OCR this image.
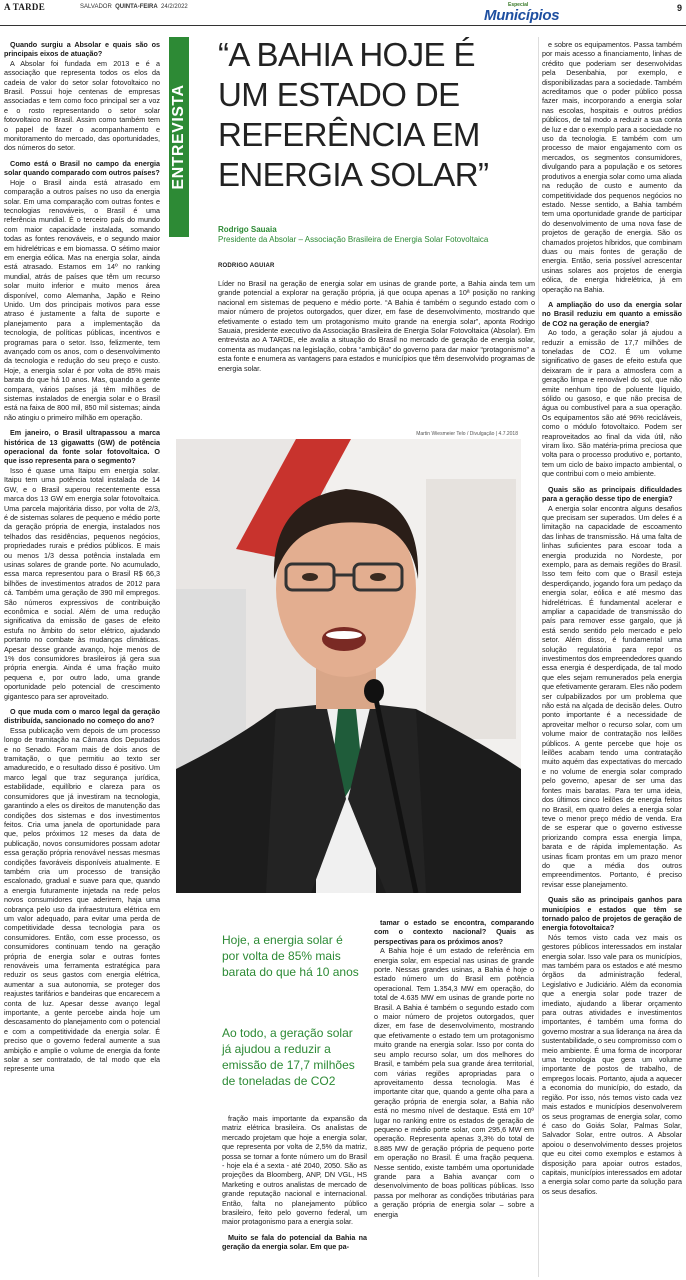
A TARDE	SALVADOR QUINTA-FEIRA 24/2/2022	Especial
Municípios	9

Quando surgiu a Absolar e quais são os principais eixos de atuação?

A Absolar foi fundada em 2013 e é a associação que representa todos os elos da cadeia de valor do setor solar fotovoltaico no Brasil. Possui hoje centenas de empresas associadas e tem como foco principal ser a voz e o rosto representando o setor solar fotovoltaico no Brasil. Assim como também tem o papel de fazer o acompanhamento e monitoramento do mercado, das oportunidades, dos números do setor.

Como está o Brasil no campo da energia solar quando comparado com outros países?

Hoje o Brasil ainda está atrasado em comparação a outros países no uso da energia solar. Em uma comparação com outras fontes e tecnologias renováveis, o Brasil é uma referência mundial. É o terceiro país do mundo com maior capacidade instalada, somando todas as fontes renováveis, e o segundo maior em hidrelétricas e em biomassa. O sétimo maior em energia eólica. Mas na energia solar, ainda está atrasado. Estamos em 14º no ranking mundial, atrás de países que têm um recurso solar muito inferior e muito menos área disponível, como Alemanha, Japão e Reino Unido. Um dos principais motivos para esse atraso é justamente a falta de suporte e planejamento para a implementação da tecnologia, de políticas públicas, incentivos e programas para o setor. Isso, felizmente, tem avançado com os anos, com o desenvolvimento da tecnologia e redução do seu preço e custo. Hoje, a energia solar é por volta de 85% mais barata do que há 10 anos. Mas, quando a gente compara, vários países já têm milhões de sistemas instalados de energia solar e o Brasil está na faixa de 800 mil, 850 mil sistemas; ainda não atingiu o primeiro milhão em operação.

Em janeiro, o Brasil ultrapassou a marca histórica de 13 gigawatts (GW) de potência operacional da fonte solar fotovoltaica. O que isso representa para o segmento?

Isso é quase uma Itaipu em energia solar. Itaipu tem uma potência total instalada de 14 GW, e o Brasil superou recentemente essa marca dos 13 GW em energia solar fotovoltaica. Uma parcela majoritária disso, por volta de 2/3, é de sistemas solares de pequeno e médio porte da geração própria de energia, instalados nos telhados das residências, pequenos negócios, propriedades rurais e prédios públicos. E mais ou menos 1/3 dessa potência instalada em usinas solares de grande porte. No acumulado, essa marca representou para o Brasil R$ 66,3 bilhões de investimentos atrados de 2012 para cá. Também uma geração de 390 mil empregos. São números expressivos de contribuição econômica e social. Além de uma redução significativa da emissão de gases de efeito estufa no âmbito do setor elétrico, ajudando portanto no combate às mudanças climáticas. Apesar desse grande avanço, hoje menos de 1% dos consumidores brasileiros já gera sua própria energia. Ainda é uma fração muito pequena e, por outro lado, uma grande oportunidade pelo potencial de crescimento gigantesco para ser aproveitado.

O que muda com o marco legal da geração distribuída, sancionado no começo do ano?

Essa publicação vem depois de um processo longo de tramitação na Câmara dos Deputados e no Senado. Foram mais de dois anos de tramitação, o que permitiu ao texto ser amadurecido, e o resultado disso é positivo. Um marco legal que traz segurança jurídica, estabilidade, equilíbrio e clareza para os consumidores que já investiram na tecnologia, garantindo a eles os direitos de manutenção das condições dos sistemas e dos investimentos feitos. Cria uma janela de oportunidade para que, pelos próximos 12 meses da data de publicação, novos consumidores possam adotar essa geração própria renovável nessas mesmas condições favoráveis disponíveis atualmente. E também cria um processo de transição escalonado, gradual e suave para que, quando a energia futuramente injetada na rede pelos novos consumidores que aderirem, haja uma cobrança pelo uso da infraestrutura elétrica em um valor adequado, para evitar uma perda de competitividade dessa tecnologia para os consumidores. Então, com esse processo, os consumidores continuam tendo na geração própria de energia solar e outras fontes renováveis uma ferramenta estratégica para reduzir os seus gastos com energia elétrica, aumentar a sua autonomia, se proteger dos reajustes tarifários e bandeiras que encarecem a conta de luz. Apesar desse avanço legal importante, a gente percebe ainda hoje um descasamento do planejamento com o potencial e com a competitividade da energia solar. É preciso que o governo federal aumente a sua ambição e amplie o volume de energia da fonte solar a ser contratado, de tal modo que ela represente uma

ENTREVISTA
“A BAHIA HOJE É UM ESTADO DE REFERÊNCIA EM ENERGIA SOLAR”
Rodrigo Sauaia
Presidente da Absolar – Associação Brasileira de Energia Solar Fotovoltaica
RODRIGO AGUIAR
Líder no Brasil na geração de energia solar em usinas de grande porte, a Bahia ainda tem um grande potencial a explorar na geração própria, já que ocupa apenas a 10ª posição no ranking nacional em sistemas de pequeno e médio porte. “A Bahia é também o segundo estado com o maior número de projetos outorgados, quer dizer, em fase de desenvolvimento, mostrando que efetivamente o estado tem um protagonismo muito grande na energia solar”, aponta Rodrigo Sauaia, presidente executivo da Associação Brasileira de Energia Solar Fotovoltaica (Absolar). Em entrevista ao A TARDE, ele avalia a situação do Brasil no mercado de geração de energia solar, comenta as mudanças na legislação, cobra “ambição” do governo para dar maior “protagonismo” a esta fonte e enumera as vantagens para estados e municípios que têm desenvolvido programas de energia solar.
Martin Wiesmeier Telo / Divulgação | 4.7.2018
Hoje, a energia solar é por volta de 85% mais barata do que há 10 anos
Ao todo, a geração solar já ajudou a reduzir a emissão de 17,7 milhões de toneladas de CO2

fração mais importante da expansão da matriz elétrica brasileira. Os analistas de mercado projetam que hoje a energia solar, que representa por volta de 2,5% da matriz, possa se tornar a fonte número um do Brasil - hoje ela é a sexta - até 2040, 2050. São as projeções da Bloomberg, ANP, DN VGL, HS Marketing e outros analistas de mercado de grande reputação nacional e internacional. Então, falta no planejamento público brasileiro, feito pelo governo federal, um maior protagonismo para a energia solar.

Muito se fala do potencial da Bahia na geração da energia solar. Em que pa-

tamar o estado se encontra, comparando com o contexto nacional? Quais as perspectivas para os próximos anos?

A Bahia hoje é um estado de referência em energia solar, em especial nas usinas de grande porte. Nessas grandes usinas, a Bahia é hoje o estado número um do Brasil em potência operacional. Tem 1.354,3 MW em operação, do total de 4.635 MW em usinas de grande porte no Brasil. A Bahia é também o segundo estado com o maior número de projetos outorgados, quer dizer, em fase de desenvolvimento, mostrando que efetivamente o estado tem um protagonismo muito grande na energia solar. Isso por conta do seu amplo recurso solar, um dos melhores do Brasil, e também pela sua grande área territorial, com várias regiões apropriadas para o aproveitamento dessa tecnologia. Mas é importante citar que, quando a gente olha para a geração própria de energia solar, a Bahia não está no mesmo nível de destaque. Está em 10º lugar no ranking entre os estados de geração de pequeno e médio porte solar, com 295,6 MW em operação. Representa apenas 3,3% do total de 8.885 MW de geração própria de pequeno porte em operação no Brasil. É uma fração pequena. Nesse sentido, existe também uma oportunidade grande para a Bahia avançar com o desenvolvimento de boas políticas públicas. Isso passa por melhorar as condições tributárias para a geração própria de energia solar – sobre a energia

e sobre os equipamentos. Passa também por mais acesso a financiamento, linhas de crédito que poderiam ser desenvolvidas pela Desenbahia, por exemplo, e disponibilizadas para a sociedade. Também acreditamos que o poder público possa fazer mais, incorporando a energia solar nas escolas, hospitais e outros prédios públicos, de tal modo a reduzir a sua conta de luz e dar o exemplo para a sociedade no uso da tecnologia. E também com um processo de maior engajamento com os mercados, os segmentos consumidores, divulgando para a população e os setores produtivos a energia solar como uma aliada na redução de custo e aumento da competitividade dos pequenos negócios no estado. Nesse sentido, a Bahia também tem uma oportunidade grande de participar do desenvolvimento de uma nova fase de projetos de geração de energia. São os chamados projetos híbridos, que combinam duas ou mais fontes de geração de energia. Então, seria possível acrescentar usinas solares aos projetos de energia eólica, de energia hidrelétrica, já em operação na Bahia.

A ampliação do uso da energia solar no Brasil reduziu em quanto a emissão de CO2 na geração de energia?

Ao todo, a geração solar já ajudou a reduzir a emissão de 17,7 milhões de toneladas de CO2. É um volume significativo de gases de efeito estufa que deixaram de ir para a atmosfera com a geração limpa e renovável do sol, que não emite nenhum tipo de poluente líquido, sólido ou gasoso, e que não precisa de água ou combustível para a sua operação. Os equipamentos são até 96% recicláveis, como o módulo fotovoltaico. Podem ser reaproveitados ao final da vida útil, não viram lixo. São matéria-prima preciosa que volta para o processo produtivo e, portanto, tem um ciclo de baixo impacto ambiental, o que contribui com o meio ambiente.

Quais são as principais dificuldades para a geração desse tipo de energia?

A energia solar encontra alguns desafios que precisam ser superados. Um deles é a limitação na capacidade de escoamento das linhas de transmissão. Há uma falta de linhas suficientes para escoar toda a energia produzida no Nordeste, por exemplo, para as demais regiões do Brasil. Isso tem feito com que o Brasil esteja desperdiçando, jogando fora um pedaço da energia solar, eólica e até mesmo das hidrelétricas. É fundamental acelerar e ampliar a capacidade de transmissão do país para remover esse gargalo, que já está sendo sentido pelo mercado e pelo setor. Além disso, é fundamental uma solução regulatória para repor os investimentos dos empreendedores quando essa energia é desperdiçada, de tal modo que eles sejam remunerados pela energia que efetivamente geraram. Eles não podem ser culpabilizados por um problema que não está na alçada de decisão deles. Outro ponto importante é a necessidade de aproveitar melhor o recurso solar, com um volume maior de contratação nos leilões públicos. A gente percebe que hoje os leilões acabam tendo uma contratação muito aquém das expectativas do mercado e no volume de energia solar comprado pelo governo, apesar de ser uma das fontes mais baratas. Para ter uma ideia, dos últimos cinco leilões de energia feitos no Brasil, em quatro deles a energia solar teve o menor preço médio de venda. Era de se esperar que o governo estivesse priorizando compra essa energia limpa, barata e de rápida implementação. As usinas ficam prontas em um prazo menor do que a média dos outros empreendimentos. Portanto, é preciso revisar esse planejamento.

Quais são as principais ganhos para municípios e estados que têm se tornado palco de projetos de geração de energia fotovoltaica?

Nós temos visto cada vez mais os gestores públicos interessados em instalar energia solar. Isso vale para os municípios, mas também para os estados e até mesmo órgãos da administração federal, Legislativo e Judiciário. Além da economia que a energia solar pode trazer de imediato, ajudando a liberar orçamento para outras atividades e investimentos importantes, é também uma forma do governo mostrar a sua liderança na área da sustentabilidade, o seu compromisso com o meio ambiente. É uma forma de incorporar uma tecnologia que gera um volume importante de postos de trabalho, de empregos locais. Portanto, ajuda a aquecer a economia do município, do estado, da região. Por isso, nós temos visto cada vez mais estados e municípios desenvolverem os seus programas de energia solar, como é caso do Goiás Solar, Palmas Solar, Salvador Solar, entre outros. A Absolar apoiou o desenvolvimento desses projetos que eu citei como exemplos e estamos à disposição para apoiar outros estados, capitais, municípios interessados em adotar a energia solar como parte da solução para os seus desafios.
